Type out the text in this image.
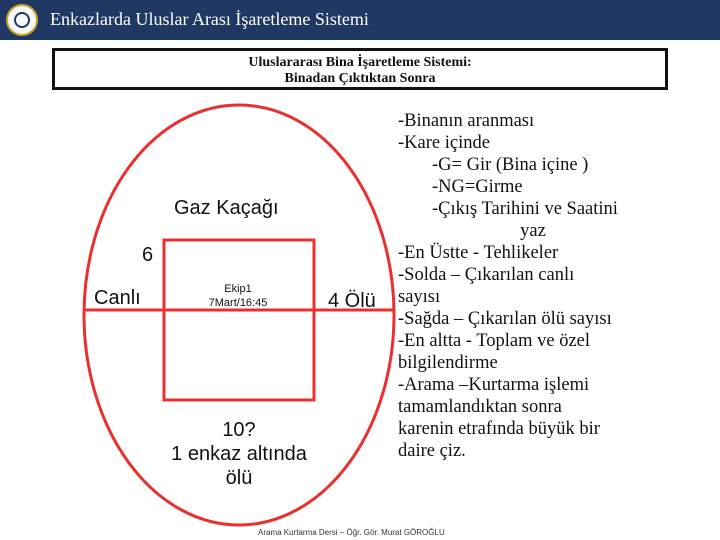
Enkazlarda Uluslar Arası İşaretleme Sistemi
Uluslararası Bina İşaretleme Sistemi:
Binadan Çıktıktan Sonra
Gaz Kaçağı
6
Canlı	Ekip1
7Mart/16:45	4 Ölü
10?
1 enkaz altında
ölü
-Binanın aranması
-Kare içinde
-G= Gir (Bina içine )
-NG=Girme
-Çıkış Tarihini ve Saatini
yaz
-En Üstte - Tehlikeler
-Solda – Çıkarılan canlı
sayısı
-Sağda – Çıkarılan ölü sayısı
-En altta - Toplam ve özel
bilgilendirme
-Arama –Kurtarma işlemi
tamamlandıktan sonra
karenin etrafında büyük bir
daire çiz.
Arama Kurtarma Dersi – Öğr. Gör. Murat GÖROĞLU
